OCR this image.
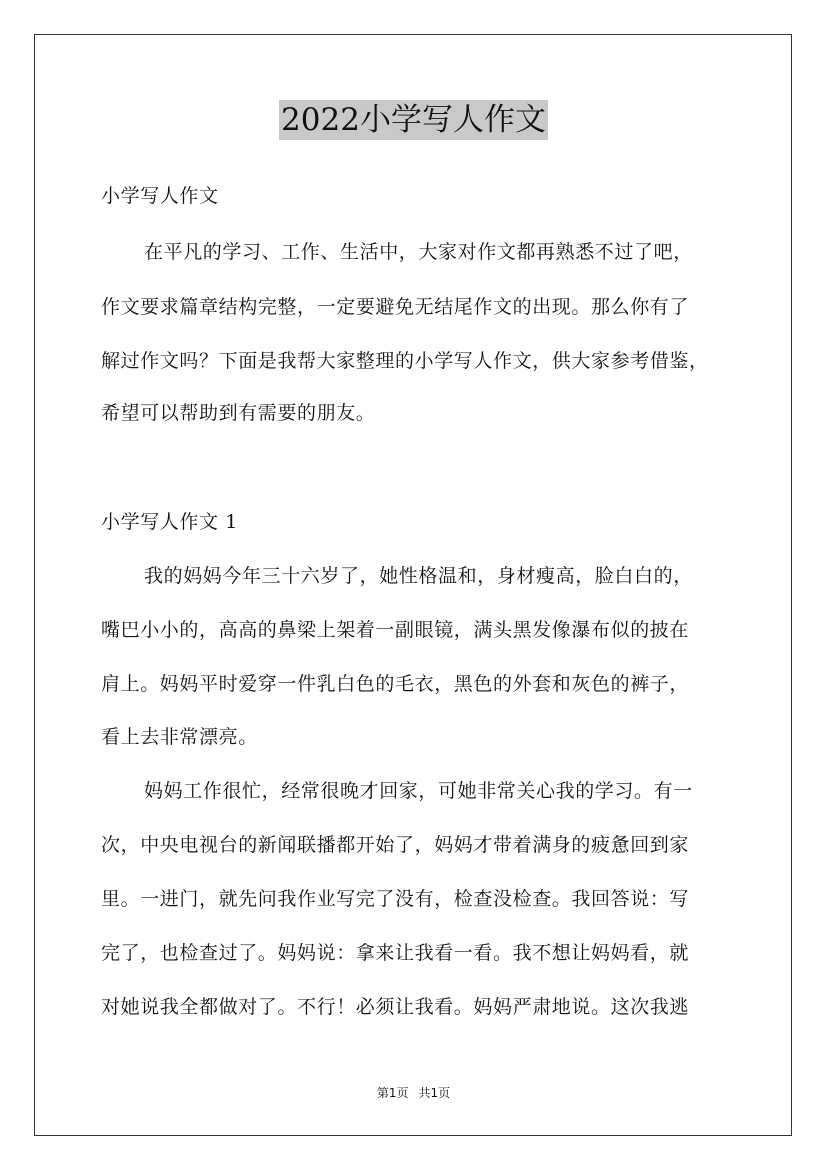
2022小学写人作文
小学写人作文
在平凡的学习、工作、生活中，大家对作文都再熟悉不过了吧，
作文要求篇章结构完整，一定要避免无结尾作文的出现。那么你有了
解过作文吗？下面是我帮大家整理的小学写人作文，供大家参考借鉴，
希望可以帮助到有需要的朋友。
小学写人作文 1
我的妈妈今年三十六岁了，她性格温和，身材瘦高，脸白白的，
嘴巴小小的，高高的鼻梁上架着一副眼镜，满头黑发像瀑布似的披在
肩上。妈妈平时爱穿一件乳白色的毛衣，黑色的外套和灰色的裤子，
看上去非常漂亮。
妈妈工作很忙，经常很晚才回家，可她非常关心我的学习。有一
次，中央电视台的新闻联播都开始了，妈妈才带着满身的疲惫回到家
里。一进门，就先问我作业写完了没有，检查没检查。我回答说：写
完了，也检查过了。妈妈说：拿来让我看一看。我不想让妈妈看，就
对她说我全都做对了。不行！必须让我看。妈妈严肃地说。这次我逃
第1页 共1页
